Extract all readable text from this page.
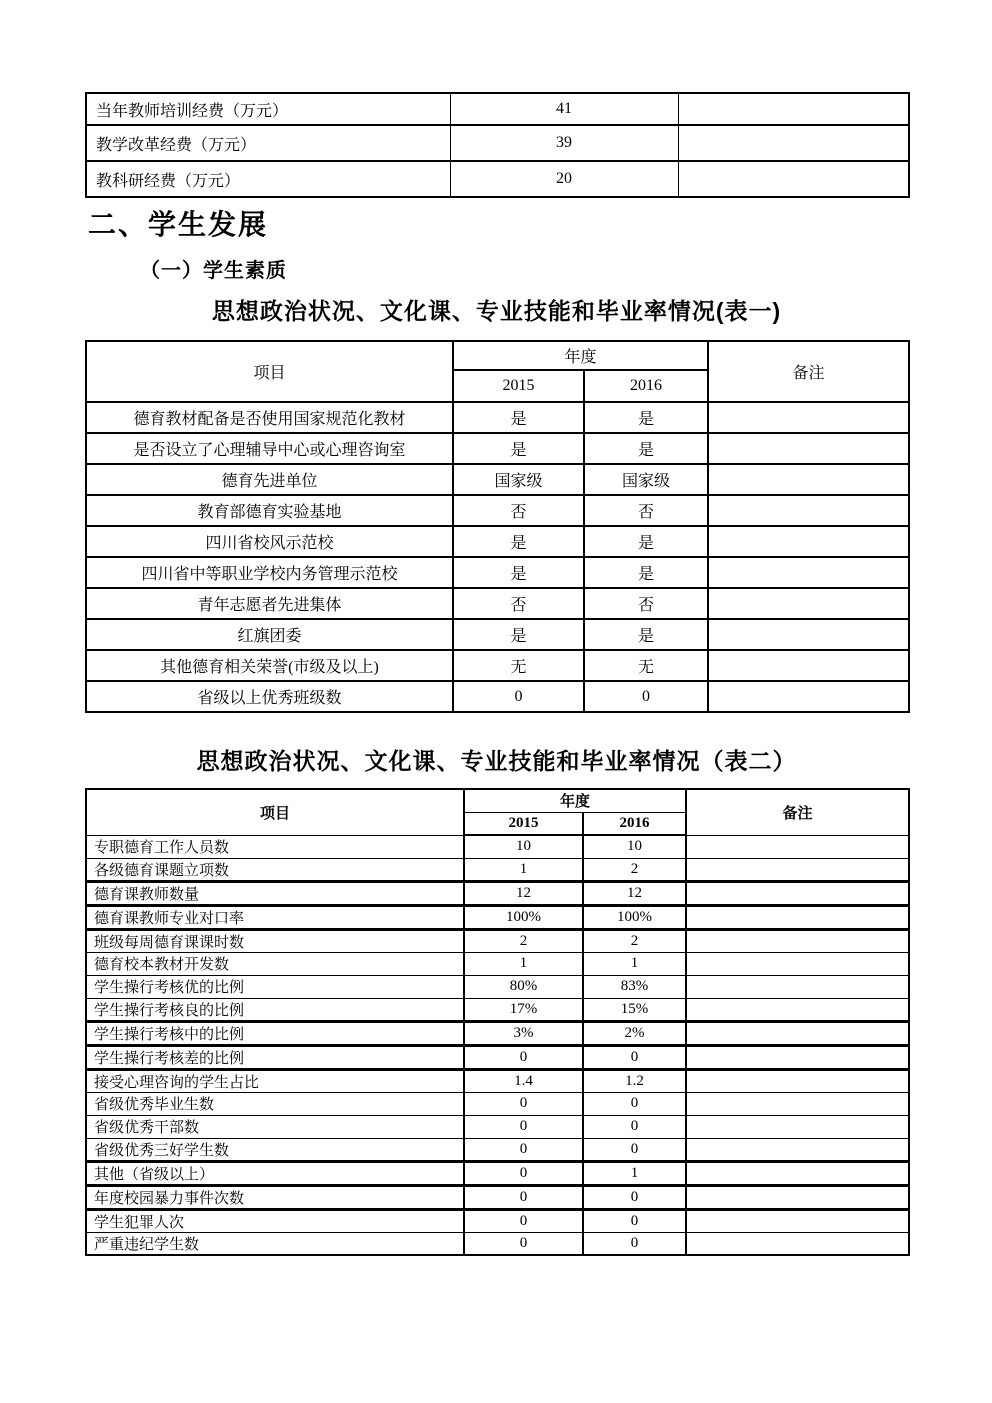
当年教师培训经费（万元）	41	
教学改革经费（万元）	39	
教科研经费（万元）	20	
二、学生发展
（一）学生素质
思想政治状况、文化课、专业技能和毕业率情况(表一)
项目	年度		备注
	2015	2016	
德育教材配备是否使用国家规范化教材	是	是	
是否设立了心理辅导中心或心理咨询室	是	是	
德育先进单位	国家级	国家级	
教育部德育实验基地	否	否	
四川省校风示范校	是	是	
四川省中等职业学校内务管理示范校	是	是	
青年志愿者先进集体	否	否	
红旗团委	是	是	
其他德育相关荣誉(市级及以上)	无	无	
省级以上优秀班级数	0	0	
思想政治状况、文化课、专业技能和毕业率情况（表二）
项目	年度		备注
	2015	2016	
专职德育工作人员数	10	10	
各级德育课题立项数	1	2	
德育课教师数量	12	12	
德育课教师专业对口率	100%	100%	
班级每周德育课课时数	2	2	
德育校本教材开发数	1	1	
学生操行考核优的比例	80%	83%	
学生操行考核良的比例	17%	15%	
学生操行考核中的比例	3%	2%	
学生操行考核差的比例	0	0	
接受心理咨询的学生占比	1.4	1.2	
省级优秀毕业生数	0	0	
省级优秀干部数	0	0	
省级优秀三好学生数	0	0	
其他（省级以上）	0	1	
年度校园暴力事件次数	0	0	
学生犯罪人次	0	0	
严重违纪学生数	0	0	
